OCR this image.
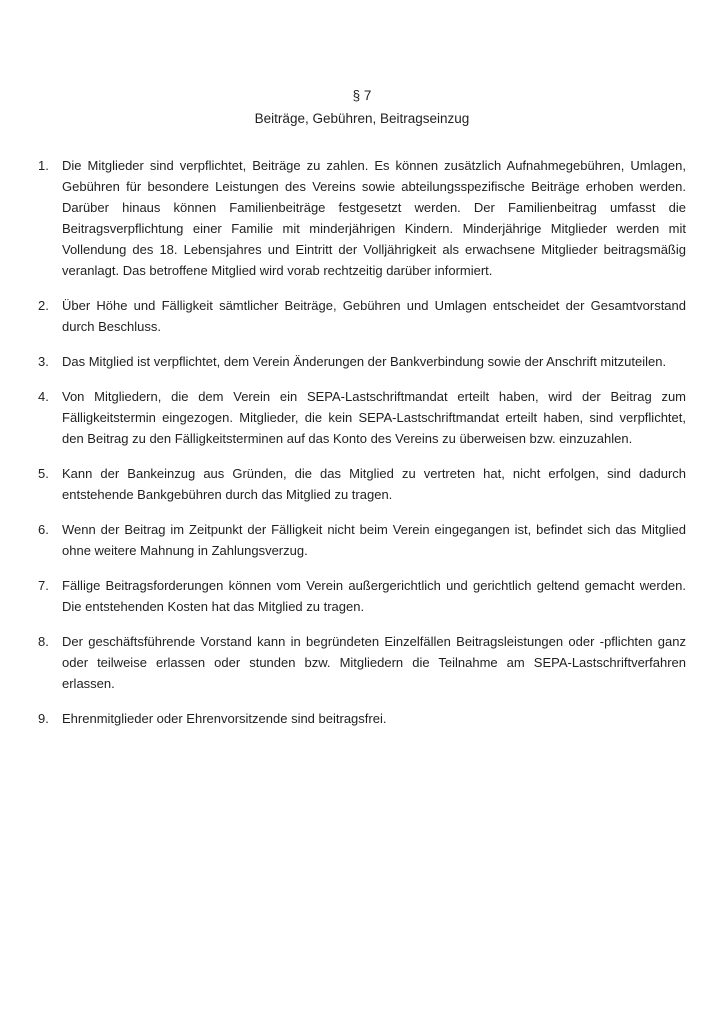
§ 7
Beiträge, Gebühren, Beitragseinzug
1. Die Mitglieder sind verpflichtet, Beiträge zu zahlen. Es können zusätzlich Aufnahmegebühren, Umlagen, Gebühren für besondere Leistungen des Vereins sowie abteilungsspezifische Beiträge erhoben werden. Darüber hinaus können Familienbeiträge festgesetzt werden. Der Familienbeitrag umfasst die Beitragsverpflichtung einer Familie mit minderjährigen Kindern. Minderjährige Mitglieder werden mit Vollendung des 18. Lebensjahres und Eintritt der Volljährigkeit als erwachsene Mitglieder beitragsmäßig veranlagt. Das betroffene Mitglied wird vorab rechtzeitig darüber informiert.
2. Über Höhe und Fälligkeit sämtlicher Beiträge, Gebühren und Umlagen entscheidet der Gesamtvorstand durch Beschluss.
3. Das Mitglied ist verpflichtet, dem Verein Änderungen der Bankverbindung sowie der Anschrift mitzuteilen.
4. Von Mitgliedern, die dem Verein ein SEPA-Lastschriftmandat erteilt haben, wird der Beitrag zum Fälligkeitstermin eingezogen. Mitglieder, die kein SEPA-Lastschriftmandat erteilt haben, sind verpflichtet, den Beitrag zu den Fälligkeitsterminen auf das Konto des Vereins zu überweisen bzw. einzuzahlen.
5. Kann der Bankeinzug aus Gründen, die das Mitglied zu vertreten hat, nicht erfolgen, sind dadurch entstehende Bankgebühren durch das Mitglied zu tragen.
6. Wenn der Beitrag im Zeitpunkt der Fälligkeit nicht beim Verein eingegangen ist, befindet sich das Mitglied ohne weitere Mahnung in Zahlungsverzug.
7. Fällige Beitragsforderungen können vom Verein außergerichtlich und gerichtlich geltend gemacht werden. Die entstehenden Kosten hat das Mitglied zu tragen.
8. Der geschäftsführende Vorstand kann in begründeten Einzelfällen Beitragsleistungen oder -pflichten ganz oder teilweise erlassen oder stunden bzw. Mitgliedern die Teilnahme am SEPA-Lastschriftverfahren erlassen.
9. Ehrenmitglieder oder Ehrenvorsitzende sind beitragsfrei.
